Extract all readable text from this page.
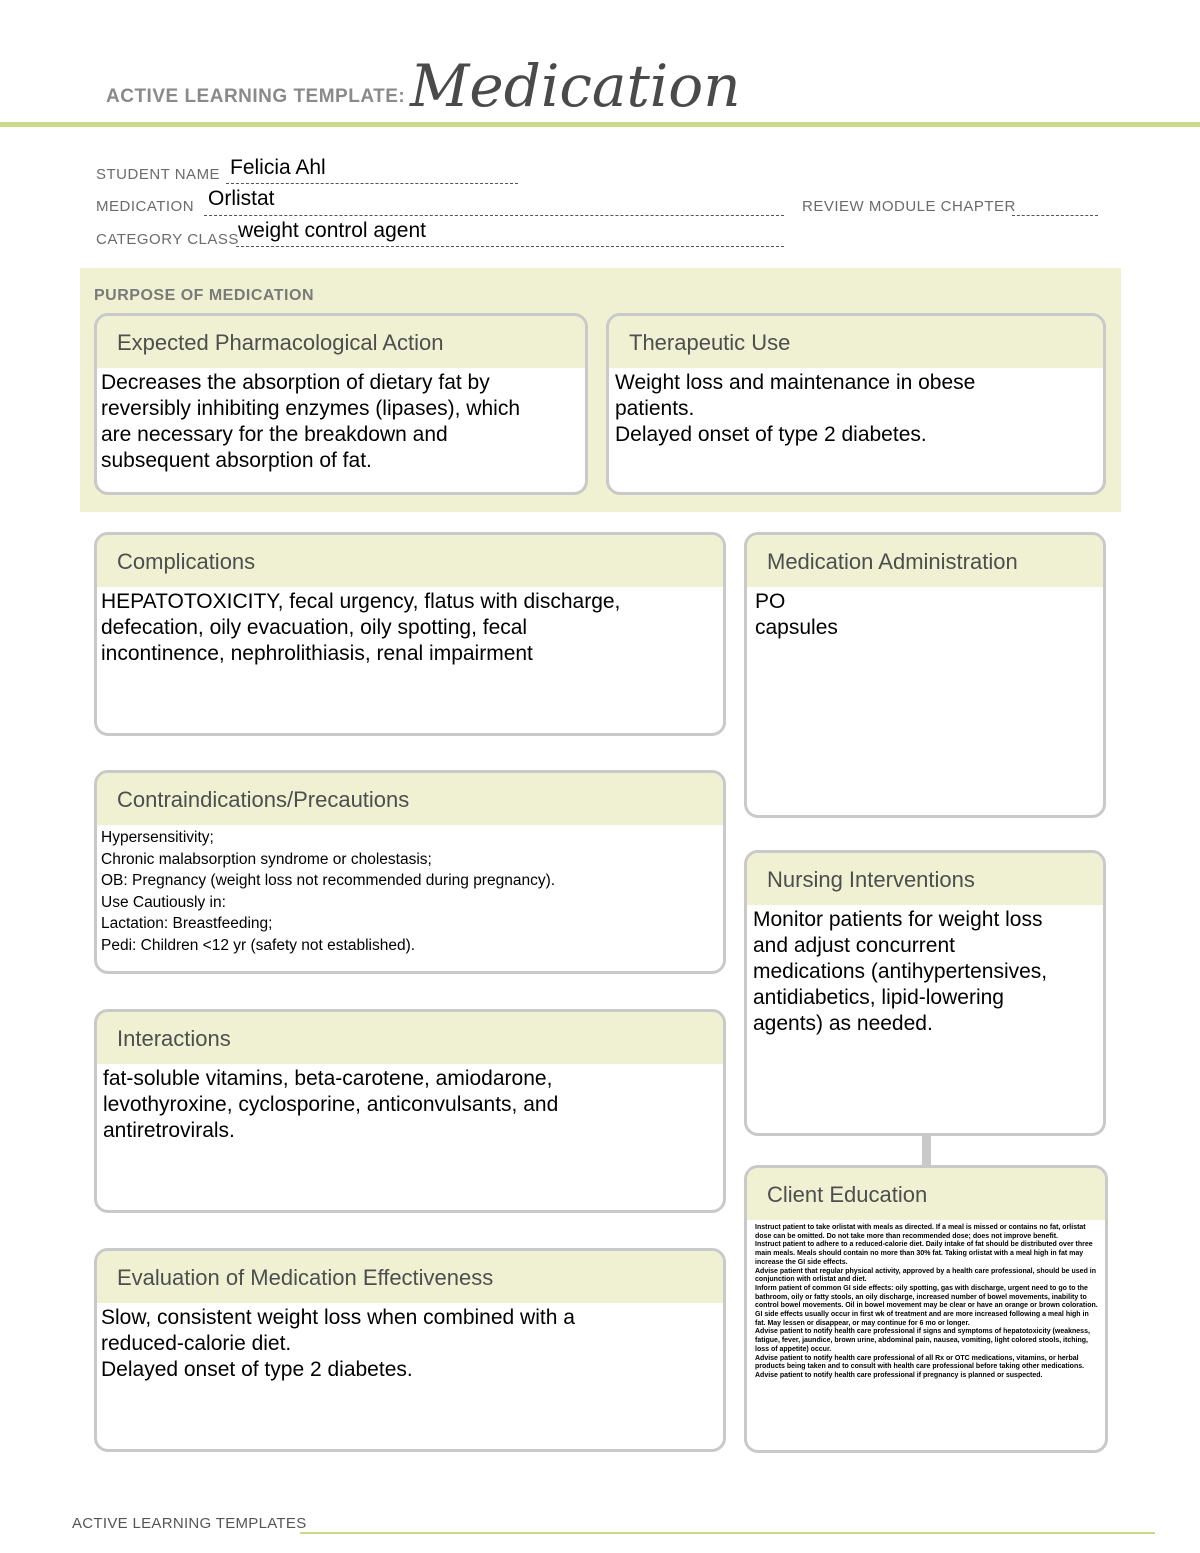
ACTIVE LEARNING TEMPLATE: Medication
STUDENT NAME Felicia Ahl
MEDICATION Orlistat	REVIEW MODULE CHAPTER
CATEGORY CLASS weight control agent
PURPOSE OF MEDICATION
Expected Pharmacological Action
Decreases the absorption of dietary fat by
reversibly inhibiting enzymes (lipases), which
are necessary for the breakdown and
subsequent absorption of fat.
Therapeutic Use
Weight loss and maintenance in obese
patients.
Delayed onset of type 2 diabetes.
Complications
HEPATOTOXICITY, fecal urgency, flatus with discharge,
defecation, oily evacuation, oily spotting, fecal
incontinence, nephrolithiasis, renal impairment
Medication Administration
PO
capsules
Contraindications/Precautions
Hypersensitivity;
Chronic malabsorption syndrome or cholestasis;
OB: Pregnancy (weight loss not recommended during pregnancy).
Use Cautiously in:
Lactation: Breastfeeding;
Pedi: Children <12 yr (safety not established).
Nursing Interventions
Monitor patients for weight loss
and adjust concurrent
medications (antihypertensives,
antidiabetics, lipid-lowering
agents) as needed.
Interactions
fat-soluble vitamins, beta-carotene, amiodarone,
levothyroxine, cyclosporine, anticonvulsants, and
antiretrovirals.
Client Education
Instruct patient to take orlistat with meals as directed. If a meal is missed or contains no fat, orlistat dose can be omitted. Do not take more than recommended dose; does not improve benefit.
Instruct patient to adhere to a reduced-calorie diet. Daily intake of fat should be distributed over three main meals. Meals should contain no more than 30% fat. Taking orlistat with a meal high in fat may increase the GI side effects.
Advise patient that regular physical activity, approved by a health care professional, should be used in conjunction with orlistat and diet.
Inform patient of common GI side effects: oily spotting, gas with discharge, urgent need to go to the bathroom, oily or fatty stools, an oily discharge, increased number of bowel movements, inability to control bowel movements. Oil in bowel movement may be clear or have an orange or brown coloration. GI side effects usually occur in first wk of treatment and are more increased following a meal high in fat. May lessen or disappear, or may continue for 6 mo or longer.
Advise patient to notify health care professional if signs and symptoms of hepatotoxicity (weakness, fatigue, fever, jaundice, brown urine, abdominal pain, nausea, vomiting, light colored stools, itching, loss of appetite) occur.
Advise patient to notify health care professional of all Rx or OTC medications, vitamins, or herbal products being taken and to consult with health care professional before taking other medications.
Advise patient to notify health care professional if pregnancy is planned or suspected.
Evaluation of Medication Effectiveness
Slow, consistent weight loss when combined with a
reduced-calorie diet.
Delayed onset of type 2 diabetes.
ACTIVE LEARNING TEMPLATES
